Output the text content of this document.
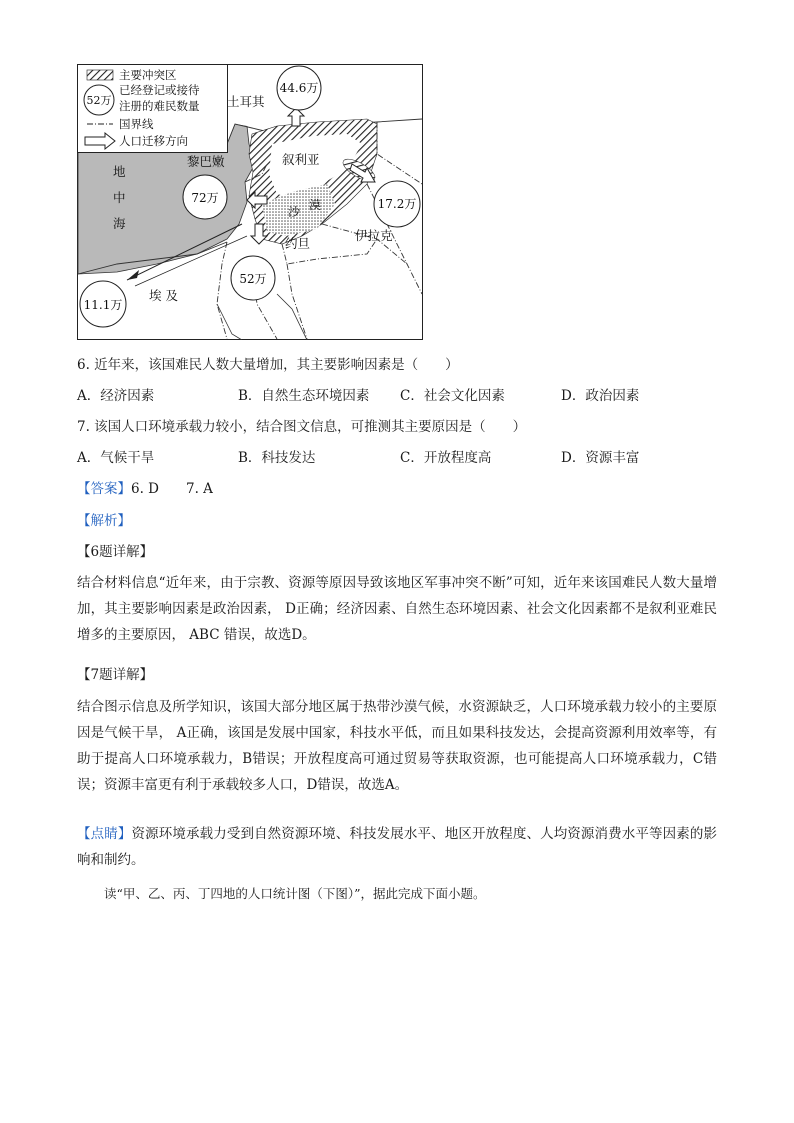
44.6万
72万	17.2万
52万
11.1万
土耳其
叙利亚
黎巴嫩
伊拉克
约旦
埃 及
沙 漠
地
中
海
主要冲突区
52万
已经登记或接待
注册的难民数量
国界线
人口迁移方向
6. 近年来，该国难民人数大量增加，其主要影响因素是（　　）
A．经济因素	B．自然生态环境因素 C．社会文化因素	D．政治因素
7. 该国人口环境承载力较小，结合图文信息，可推测其主要原因是（　　）
A．气候干旱	B．科技发达	C．开放程度高	D．资源丰富
【答案】6. D　　7. A
【解析】
【6题详解】
结合材料信息“近年来，由于宗教、资源等原因导致该地区军事冲突不断”可知，近年来该国难民人数大量增加，其主要影响因素是政治因素， D正确；经济因素、自然生态环境因素、社会文化因素都不是叙利亚难民增多的主要原因， ABC 错误，故选D。
【7题详解】
结合图示信息及所学知识，该国大部分地区属于热带沙漠气候，水资源缺乏，人口环境承载力较小的主要原因是气候干旱， A正确，该国是发展中国家，科技水平低，而且如果科技发达，会提高资源利用效率等，有助于提高人口环境承载力，B错误；开放程度高可通过贸易等获取资源，也可能提高人口环境承载力，C错误；资源丰富更有利于承载较多人口，D错误，故选A。
【点睛】资源环境承载力受到自然资源环境、科技发展水平、地区开放程度、人均资源消费水平等因素的影响和制约。
读“甲、乙、丙、丁四地的人口统计图（下图）”，据此完成下面小题。
